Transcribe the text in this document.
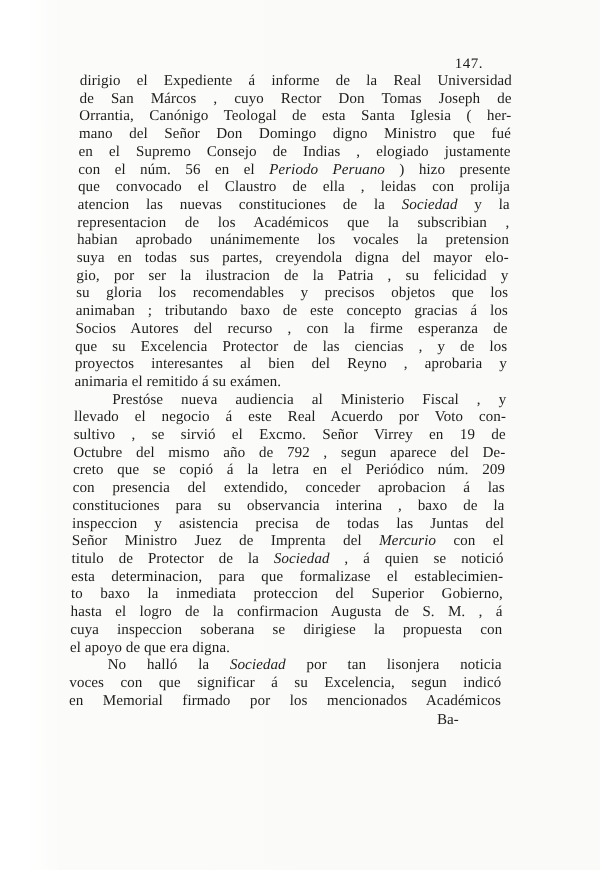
147.
dirigio el Expediente á informe de la Real Universidad
de San Márcos , cuyo Rector Don Tomas Joseph de
Orrantia, Canónigo Teologal de esta Santa Iglesia ( her-
mano del Señor Don Domingo digno Ministro que fué
en el Supremo Consejo de Indias , elogiado justamente
con el núm. 56 en el Periodo Peruano ) hizo presente
que convocado el Claustro de ella , leidas con prolija
atencion las nuevas constituciones de la Sociedad y la
representacion de los Académicos que la subscribian ,
habian aprobado unánimemente los vocales la pretension
suya en todas sus partes, creyendola digna del mayor elo-
gio, por ser la ilustracion de la Patria , su felicidad y
su gloria los recomendables y precisos objetos que los
animaban ; tributando baxo de este concepto gracias á los
Socios Autores del recurso , con la firme esperanza de
que su Excelencia Protector de las ciencias , y de los
proyectos interesantes al bien del Reyno , aprobaria y
animaria el remitido á su exámen.
Prestóse nueva audiencia al Ministerio Fiscal , y
llevado el negocio á este Real Acuerdo por Voto con-
sultivo , se sirvió el Excmo. Señor Virrey en 19 de
Octubre del mismo año de 792 , segun aparece del De-
creto que se copió á la letra en el Periódico núm. 209
con presencia del extendido, conceder aprobacion á las
constituciones para su observancia interina , baxo de la
inspeccion y asistencia precisa de todas las Juntas del
Señor Ministro Juez de Imprenta del Mercurio con el
titulo de Protector de la Sociedad , á quien se notició
esta determinacion, para que formalizase el establecimien-
to baxo la inmediata proteccion del Superior Gobierno,
hasta el logro de la confirmacion Augusta de S. M. , á
cuya inspeccion soberana se dirigiese la propuesta con
el apoyo de que era digna.
No halló la Sociedad por tan lisonjera noticia
voces con que significar á su Excelencia, segun indicó
en Memorial firmado por los mencionados Académicos
Ba-
